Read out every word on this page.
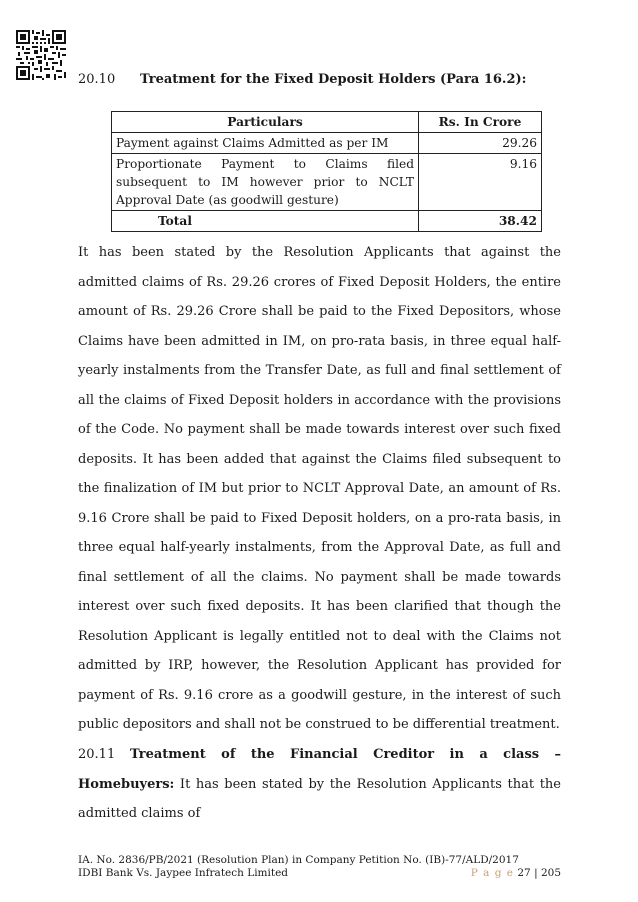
20.10 Treatment for the Fixed Deposit Holders (Para 16.2):
Particulars	Rs. In Crore
Payment against Claims Admitted as per IM	29.26
Proportionate Payment to Claims filed subsequent to IM however prior to NCLT Approval Date (as goodwill gesture)	9.16
Total	38.42
It has been stated by the Resolution Applicants that against the admitted claims of Rs. 29.26 crores of Fixed Deposit Holders, the entire amount of Rs. 29.26 Crore shall be paid to the Fixed Depositors, whose Claims have been admitted in IM, on pro-rata basis, in three equal half-yearly instalments from the Transfer Date, as full and final settlement of all the claims of Fixed Deposit holders in accordance with the provisions of the Code. No payment shall be made towards interest over such fixed deposits. It has been added that against the Claims filed subsequent to the finalization of IM but prior to NCLT Approval Date, an amount of Rs. 9.16 Crore shall be paid to Fixed Deposit holders, on a pro-rata basis, in three equal half-yearly instalments, from the Approval Date, as full and final settlement of all the claims. No payment shall be made towards interest over such fixed deposits. It has been clarified that though the Resolution Applicant is legally entitled not to deal with the Claims not admitted by IRP, however, the Resolution Applicant has provided for payment of Rs. 9.16 crore as a goodwill gesture, in the interest of such public depositors and shall not be construed to be differential treatment.
20.11 Treatment of the Financial Creditor in a class – Homebuyers: It has been stated by the Resolution Applicants that the admitted claims of
IA. No. 2836/PB/2021 (Resolution Plan) in Company Petition No. (IB)-77/ALD/2017
IDBI Bank Vs. Jaypee Infratech Limited	P a g e 27 | 205
